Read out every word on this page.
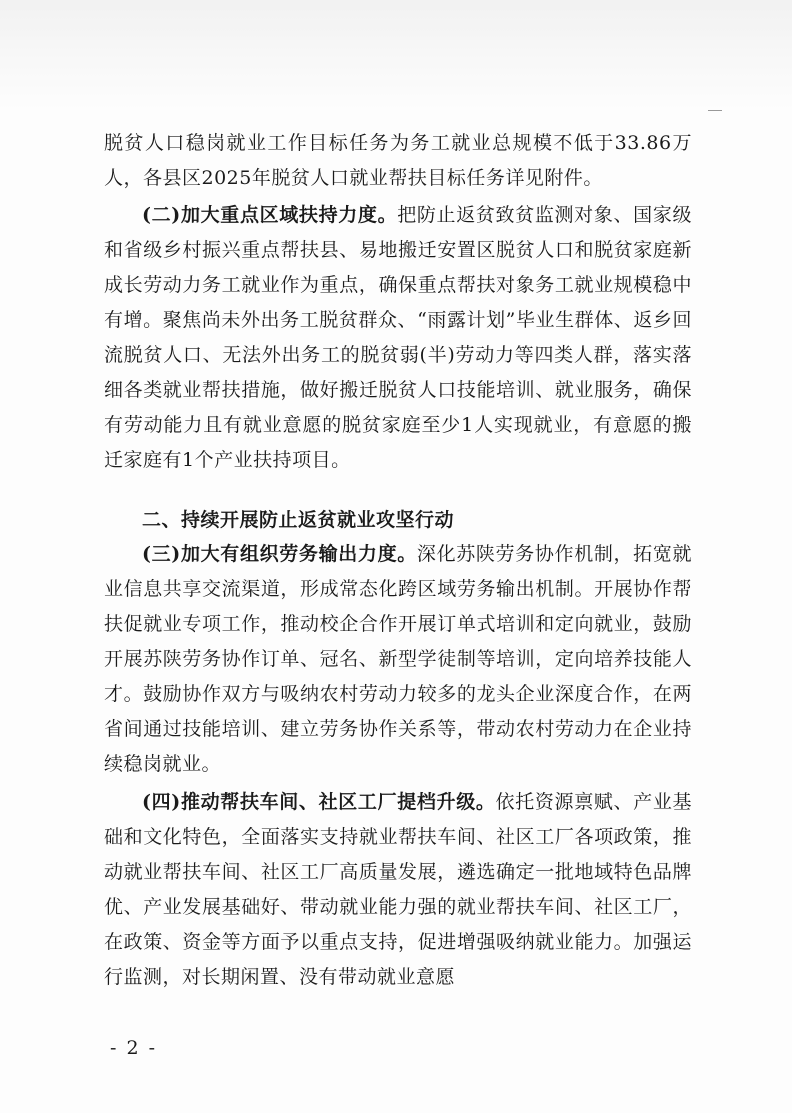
脱贫人口稳岗就业工作目标任务为务工就业总规模不低于33.86万人，各县区2025年脱贫人口就业帮扶目标任务详见附件。
(二)加大重点区域扶持力度。把防止返贫致贫监测对象、国家级和省级乡村振兴重点帮扶县、易地搬迁安置区脱贫人口和脱贫家庭新成长劳动力务工就业作为重点，确保重点帮扶对象务工就业规模稳中有增。聚焦尚未外出务工脱贫群众、“雨露计划”毕业生群体、返乡回流脱贫人口、无法外出务工的脱贫弱(半)劳动力等四类人群，落实落细各类就业帮扶措施，做好搬迁脱贫人口技能培训、就业服务，确保有劳动能力且有就业意愿的脱贫家庭至少1人实现就业，有意愿的搬迁家庭有1个产业扶持项目。
二、持续开展防止返贫就业攻坚行动
(三)加大有组织劳务输出力度。深化苏陕劳务协作机制，拓宽就业信息共享交流渠道，形成常态化跨区域劳务输出机制。开展协作帮扶促就业专项工作，推动校企合作开展订单式培训和定向就业，鼓励开展苏陕劳务协作订单、冠名、新型学徒制等培训，定向培养技能人才。鼓励协作双方与吸纳农村劳动力较多的龙头企业深度合作，在两省间通过技能培训、建立劳务协作关系等，带动农村劳动力在企业持续稳岗就业。
(四)推动帮扶车间、社区工厂提档升级。依托资源禀赋、产业基础和文化特色，全面落实支持就业帮扶车间、社区工厂各项政策，推动就业帮扶车间、社区工厂高质量发展，遴选确定一批地域特色品牌优、产业发展基础好、带动就业能力强的就业帮扶车间、社区工厂，在政策、资金等方面予以重点支持，促进增强吸纳就业能力。加强运行监测，对长期闲置、没有带动就业意愿
- 2 -
